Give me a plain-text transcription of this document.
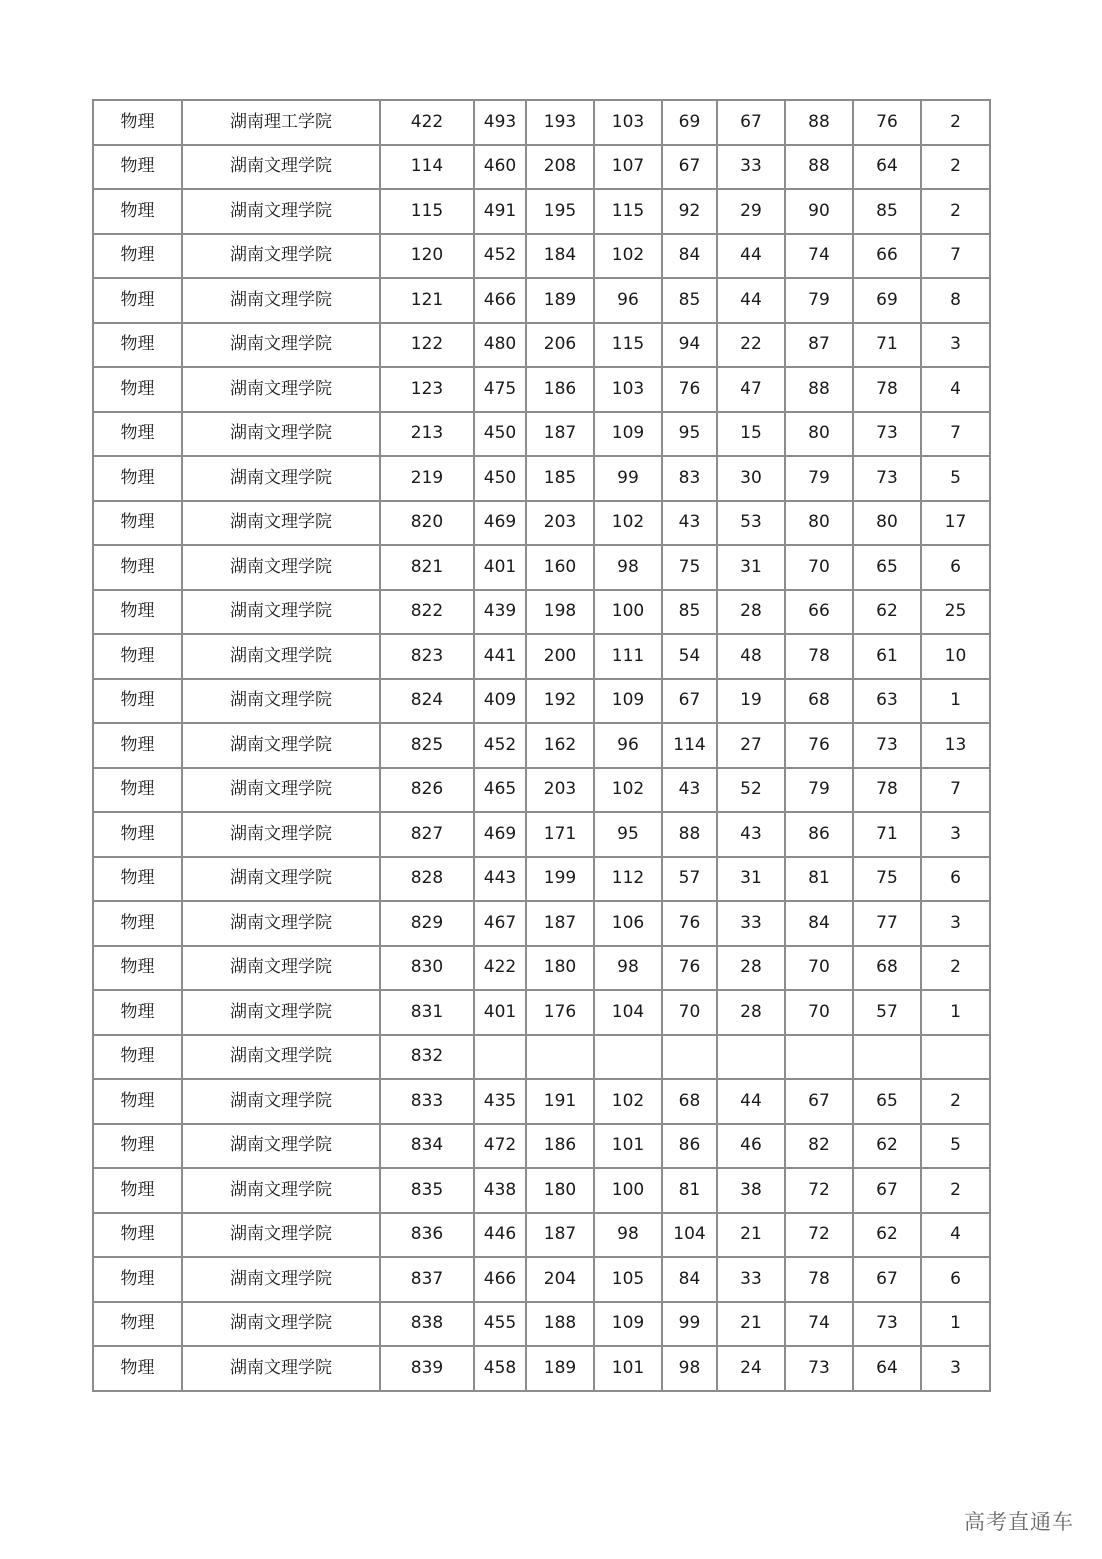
物理	湖南理工学院	422	493	193	103	69	67	88	76	2
物理	湖南文理学院	114	460	208	107	67	33	88	64	2
物理	湖南文理学院	115	491	195	115	92	29	90	85	2
物理	湖南文理学院	120	452	184	102	84	44	74	66	7
物理	湖南文理学院	121	466	189	96	85	44	79	69	8
物理	湖南文理学院	122	480	206	115	94	22	87	71	3
物理	湖南文理学院	123	475	186	103	76	47	88	78	4
物理	湖南文理学院	213	450	187	109	95	15	80	73	7
物理	湖南文理学院	219	450	185	99	83	30	79	73	5
物理	湖南文理学院	820	469	203	102	43	53	80	80	17
物理	湖南文理学院	821	401	160	98	75	31	70	65	6
物理	湖南文理学院	822	439	198	100	85	28	66	62	25
物理	湖南文理学院	823	441	200	111	54	48	78	61	10
物理	湖南文理学院	824	409	192	109	67	19	68	63	1
物理	湖南文理学院	825	452	162	96	114	27	76	73	13
物理	湖南文理学院	826	465	203	102	43	52	79	78	7
物理	湖南文理学院	827	469	171	95	88	43	86	71	3
物理	湖南文理学院	828	443	199	112	57	31	81	75	6
物理	湖南文理学院	829	467	187	106	76	33	84	77	3
物理	湖南文理学院	830	422	180	98	76	28	70	68	2
物理	湖南文理学院	831	401	176	104	70	28	70	57	1
物理	湖南文理学院	832								
物理	湖南文理学院	833	435	191	102	68	44	67	65	2
物理	湖南文理学院	834	472	186	101	86	46	82	62	5
物理	湖南文理学院	835	438	180	100	81	38	72	67	2
物理	湖南文理学院	836	446	187	98	104	21	72	62	4
物理	湖南文理学院	837	466	204	105	84	33	78	67	6
物理	湖南文理学院	838	455	188	109	99	21	74	73	1
物理	湖南文理学院	839	458	189	101	98	24	73	64	3
高考直通车
